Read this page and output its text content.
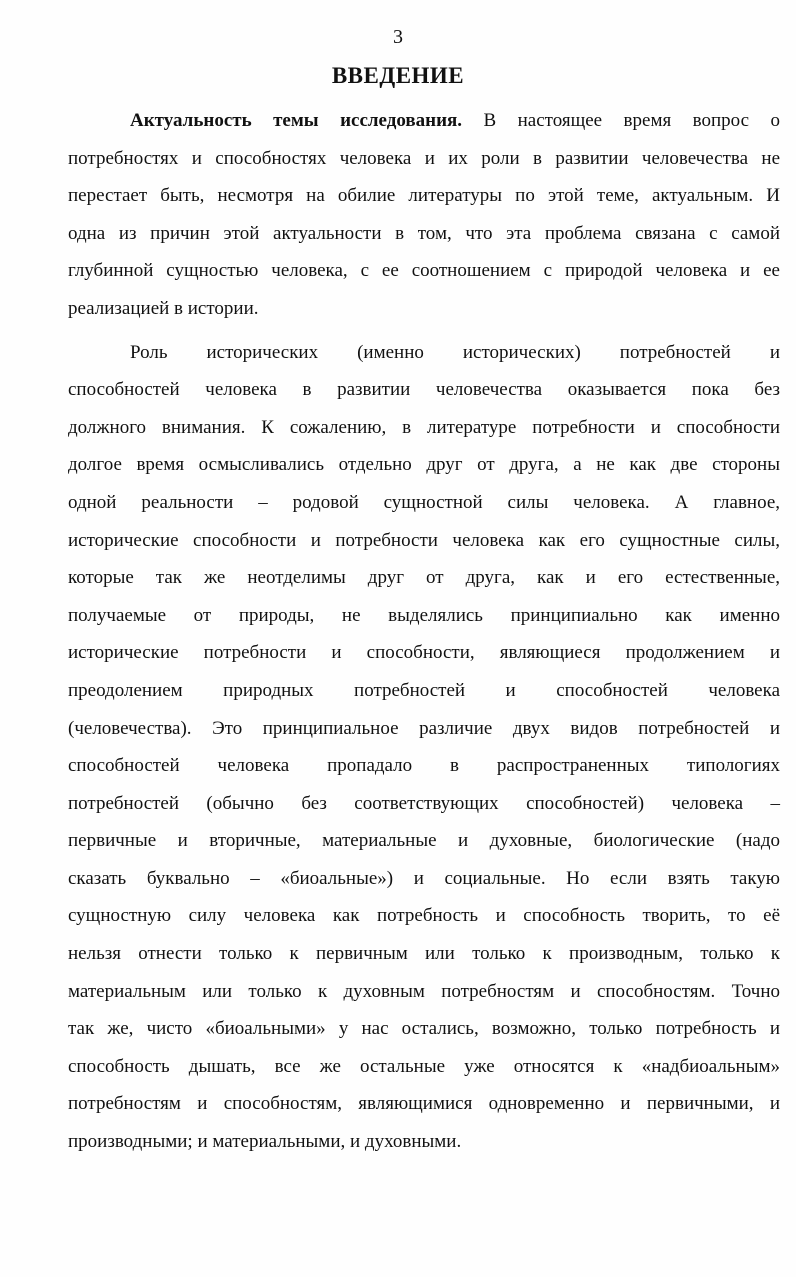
3
ВВЕДЕНИЕ
Актуальность темы исследования. В настоящее время вопрос о
потребностях и способностях человека и их роли в развитии человечества не
перестает быть, несмотря на обилие литературы по этой теме, актуальным. И
одна из причин этой актуальности в том, что эта проблема связана с самой
глубинной сущностью человека, с ее соотношением с природой человека и ее
реализацией в истории.
Роль исторических (именно исторических) потребностей и
способностей человека в развитии человечества оказывается пока без
должного внимания. К сожалению, в литературе потребности и способности
долгое время осмысливались отдельно друг от друга, а не как две стороны
одной реальности – родовой сущностной силы человека. А главное,
исторические способности и потребности человека как его сущностные силы,
которые так же неотделимы друг от друга, как и его естественные,
получаемые от природы, не выделялись принципиально как именно
исторические потребности и способности, являющиеся продолжением и
преодолением природных потребностей и способностей человека
(человечества). Это принципиальное различие двух видов потребностей и
способностей человека пропадало в распространенных типологиях
потребностей (обычно без соответствующих способностей) человека –
первичные и вторичные, материальные и духовные, биологические (надо
сказать буквально – «биоальные») и социальные. Но если взять такую
сущностную силу человека как потребность и способность творить, то её
нельзя отнести только к первичным или только к производным, только к
материальным или только к духовным потребностям и способностям. Точно
так же, чисто «биоальными» у нас остались, возможно, только потребность и
способность дышать, все же остальные уже относятся к «надбиоальным»
потребностям и способностям, являющимися одновременно и первичными, и
производными; и материальными, и духовными.
